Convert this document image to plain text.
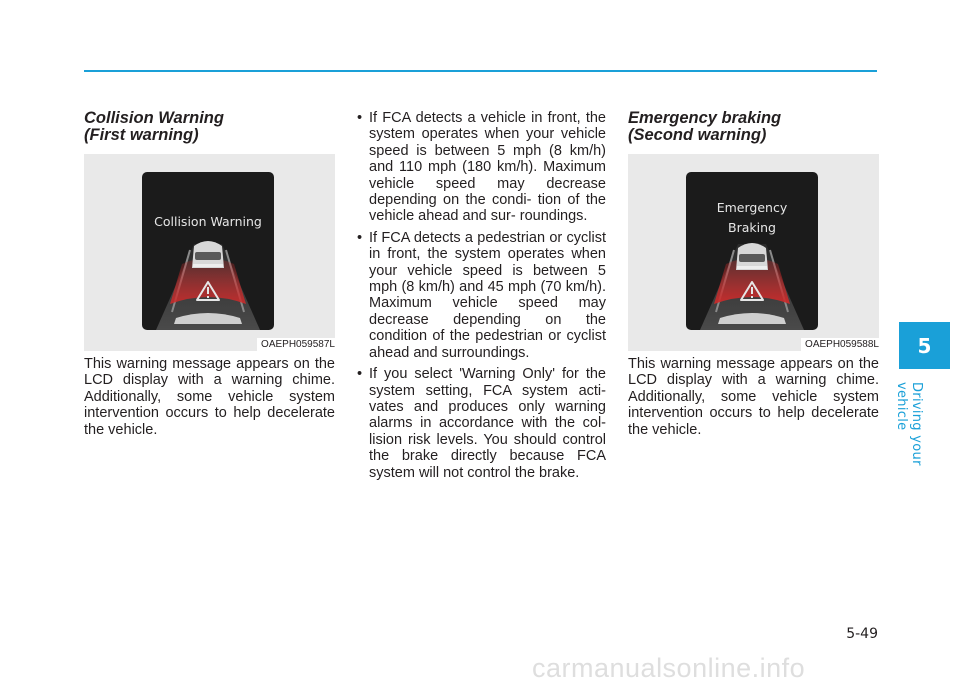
Collision Warning
(First warning)
Collision Warning
OAEPH059587L

This warning message appears on the LCD display with a warning chime. Additionally, some vehicle system intervention occurs to help decelerate the vehicle.

• If FCA detects a vehicle in front, the system operates when your vehicle speed is between 5 mph (8 km/h) and 110 mph (180 km/h). Maximum vehicle speed may decrease depending on the condi- tion of the vehicle ahead and sur- roundings.
• If FCA detects a pedestrian or cyclist in front, the system operates when your vehicle speed is between 5 mph (8 km/h) and 45 mph (70 km/h). Maximum vehicle speed may decrease depending on the condition of the pedestrian or cyclist ahead and surroundings.
• If you select 'Warning Only' for the system setting, FCA system acti- vates and produces only warning alarms in accordance with the col- lision risk levels. You should control the brake directly because FCA system will not control the brake.
Emergency braking
(Second warning)
Emergency
Braking
OAEPH059588L

This warning message appears on the LCD display with a warning chime. Additionally, some vehicle system intervention occurs to help decelerate the vehicle.

5
Driving your vehicle
5-49
carmanualsonline.info
